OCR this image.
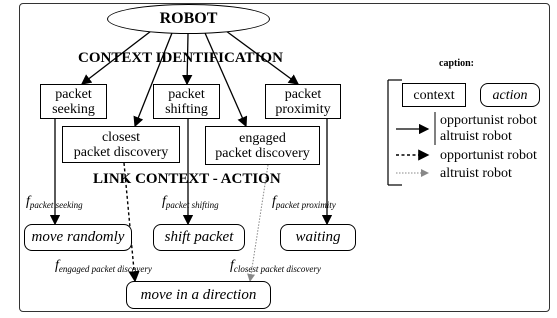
ROBOT
CONTEXT IDENTIFICATION
LINK CONTEXT - ACTION
packet
seeking
packet
shifting
packet
proximity
closest
packet discovery
engaged
packet discovery
$f_{packet seeking}$	$f_{packet shifting}$	$f_{packet proximity}$
$f_{engaged packet discovery}$	$f_{closest packet discovery}$
move randomly	shift packet	waiting
move in a direction
caption:
context	action
opportunist robot
altruist robot
opportunist robot
altruist robot
